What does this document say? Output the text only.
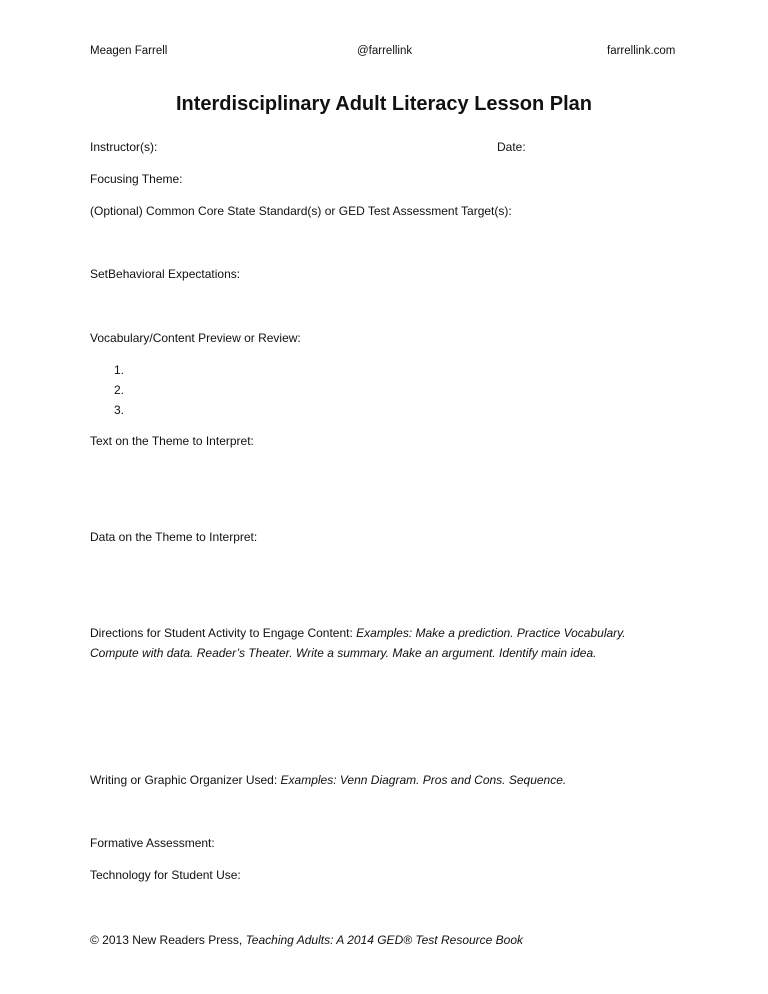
Meagen Farrell	@farrellink	farrellink.com
Interdisciplinary Adult Literacy Lesson Plan
Instructor(s):	Date:
Focusing Theme:
(Optional) Common Core State Standard(s) or GED Test Assessment Target(s):
SetBehavioral Expectations:
Vocabulary/Content Preview or Review:
1.
2.
3.
Text on the Theme to Interpret:
Data on the Theme to Interpret:
Directions for Student Activity to Engage Content: Examples: Make a prediction. Practice Vocabulary.
Compute with data. Reader’s Theater. Write a summary. Make an argument. Identify main idea.
Writing or Graphic Organizer Used: Examples: Venn Diagram. Pros and Cons. Sequence.
Formative Assessment:
Technology for Student Use:
© 2013 New Readers Press, Teaching Adults: A 2014 GED® Test Resource Book
